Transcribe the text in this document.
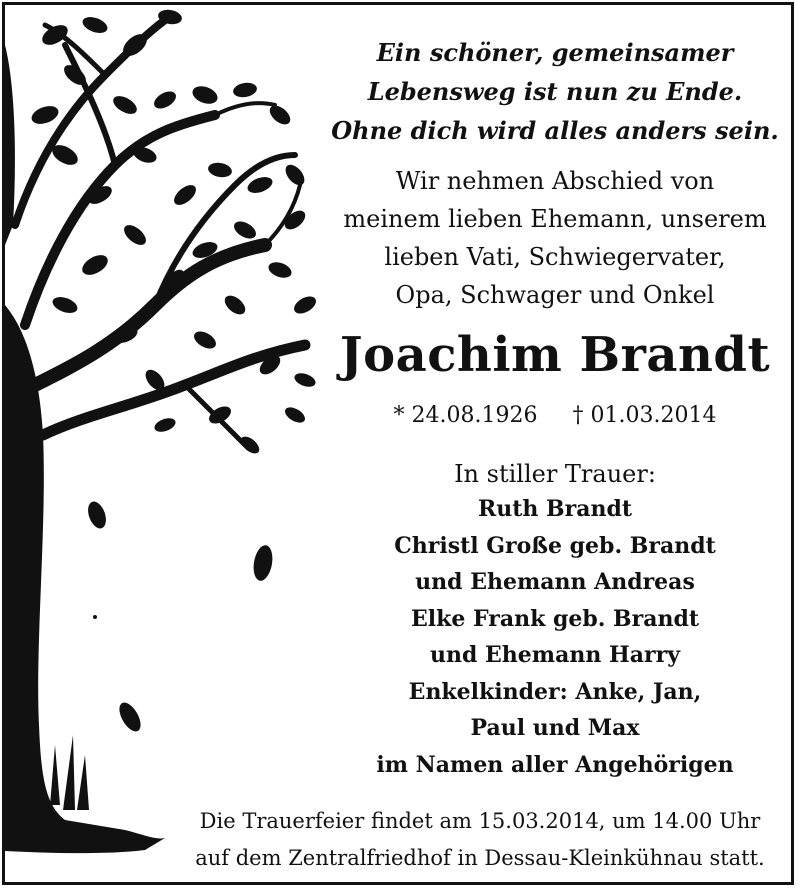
Ein schöner, gemeinsamer
Lebensweg ist nun zu Ende.
Ohne dich wird alles anders sein.
Wir nehmen Abschied von
meinem lieben Ehemann, unserem
lieben Vati, Schwiegervater,
Opa, Schwager und Onkel
Joachim Brandt
* 24.08.1926 † 01.03.2014
In stiller Trauer:
Ruth Brandt
Christl Große geb. Brandt
und Ehemann Andreas
Elke Frank geb. Brandt
und Ehemann Harry
Enkelkinder: Anke, Jan,
Paul und Max
im Namen aller Angehörigen
Die Trauerfeier findet am 15.03.2014, um 14.00 Uhr
auf dem Zentralfriedhof in Dessau-Kleinkühnau statt.
